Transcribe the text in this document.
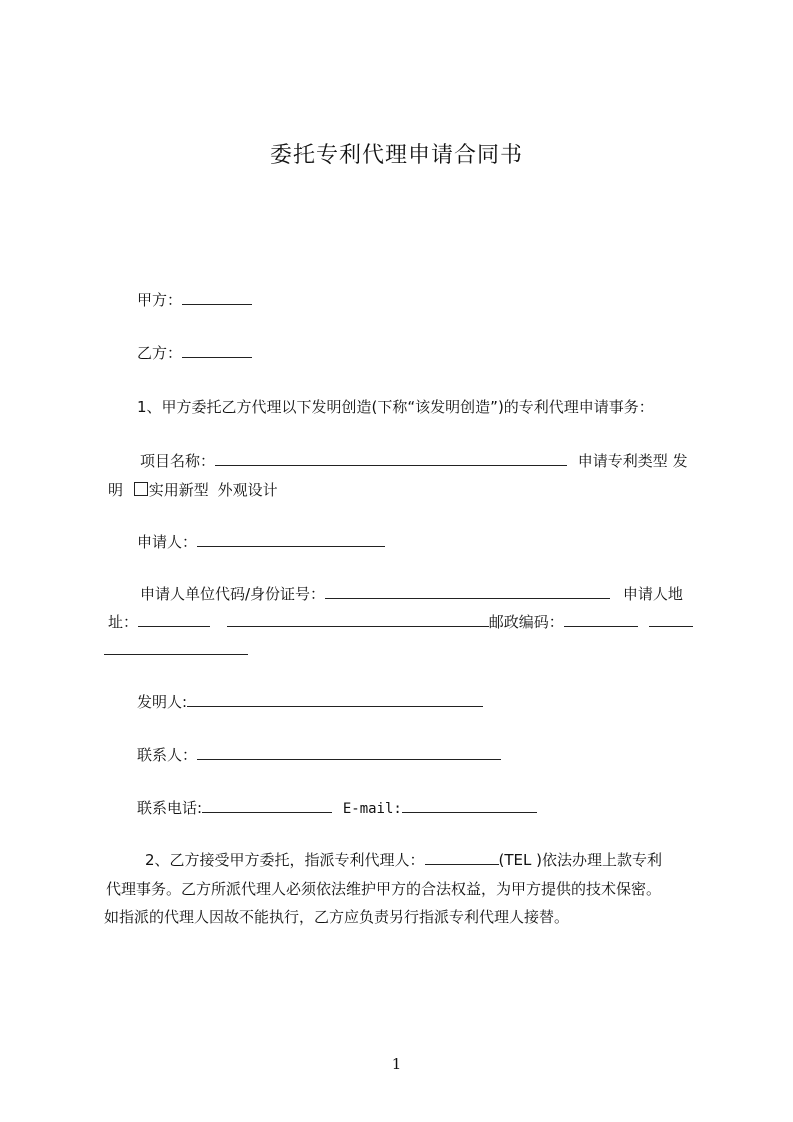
委托专利代理申请合同书
甲方：
乙方：
1、甲方委托乙方代理以下发明创造(下称“该发明创造”)的专利代理申请事务：
项目名称：	申请专利类型 发
明 实用新型 外观设计
申请人：
申请人单位代码/身份证号：	申请人地
址：	邮政编码：
发明人:
联系人：
联系电话:	E-mail:
2、乙方接受甲方委托，指派专利代理人：	(TEL )依法办理上款专利
代理事务。乙方所派代理人必须依法维护甲方的合法权益，为甲方提供的技术保密。
如指派的代理人因故不能执行，乙方应负责另行指派专利代理人接替。
1
